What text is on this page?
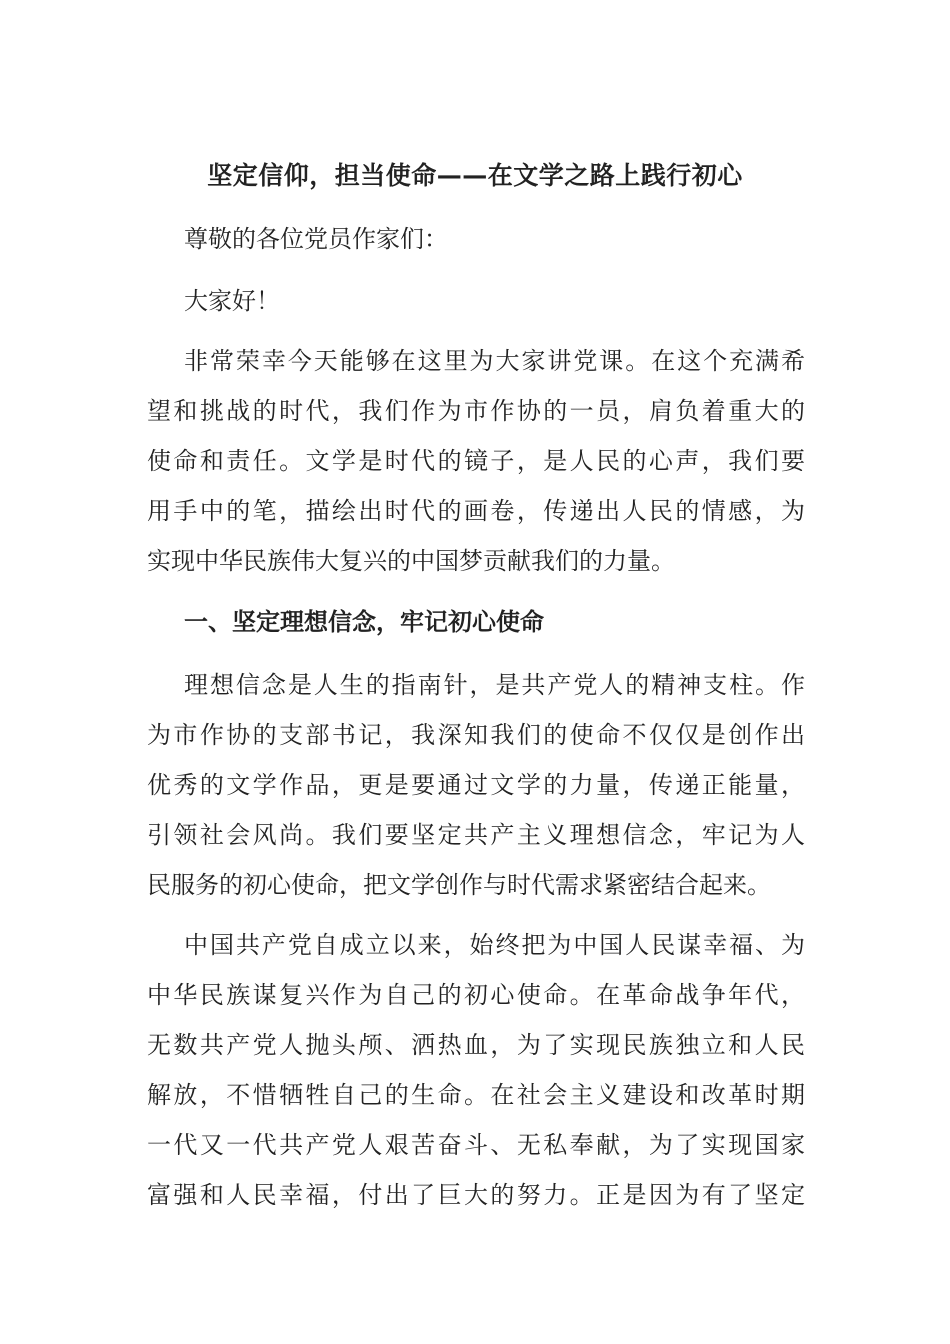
坚定信仰，担当使命——在文学之路上践行初心
尊敬的各位党员作家们：
大家好！
非常荣幸今天能够在这里为大家讲党课。在这个充满希
望和挑战的时代，我们作为市作协的一员，肩负着重大的
使命和责任。文学是时代的镜子，是人民的心声，我们要
用手中的笔，描绘出时代的画卷，传递出人民的情感，为
实现中华民族伟大复兴的中国梦贡献我们的力量。
一、坚定理想信念，牢记初心使命
理想信念是人生的指南针，是共产党人的精神支柱。作
为市作协的支部书记，我深知我们的使命不仅仅是创作出
优秀的文学作品，更是要通过文学的力量，传递正能量，
引领社会风尚。我们要坚定共产主义理想信念，牢记为人
民服务的初心使命，把文学创作与时代需求紧密结合起来。
中国共产党自成立以来，始终把为中国人民谋幸福、为
中华民族谋复兴作为自己的初心使命。在革命战争年代，
无数共产党人抛头颅、洒热血，为了实现民族独立和人民
解放，不惜牺牲自己的生命。在社会主义建设和改革时期
一代又一代共产党人艰苦奋斗、无私奉献，为了实现国家
富强和人民幸福，付出了巨大的努力。正是因为有了坚定
